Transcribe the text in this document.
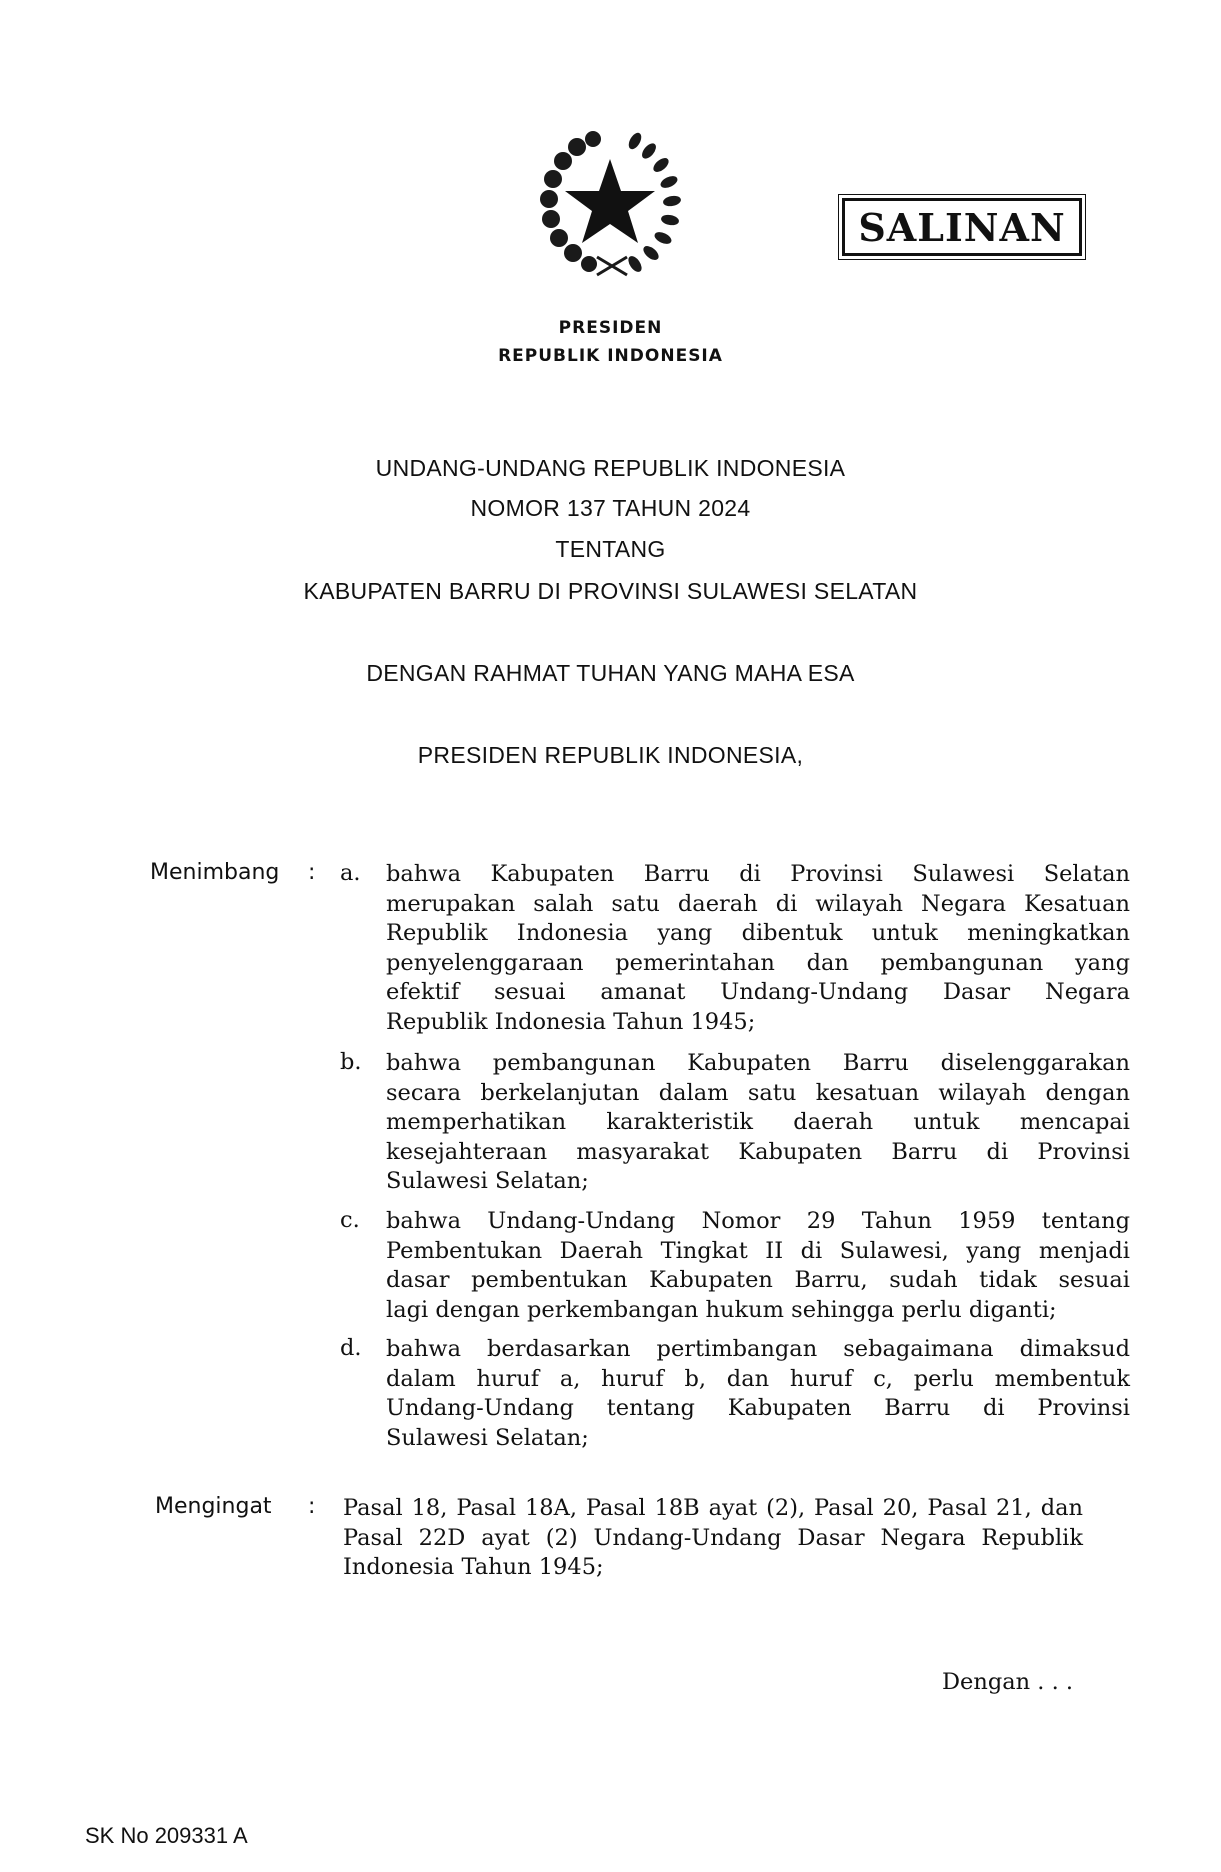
SALINAN
PRESIDEN
REPUBLIK INDONESIA
UNDANG-UNDANG REPUBLIK INDONESIA
NOMOR 137 TAHUN 2024
TENTANG
KABUPATEN BARRU DI PROVINSI SULAWESI SELATAN
DENGAN RAHMAT TUHAN YANG MAHA ESA
PRESIDEN REPUBLIK INDONESIA,
Menimbang : a. bahwa Kabupaten Barru di Provinsi Sulawesi Selatan
merupakan salah satu daerah di wilayah Negara Kesatuan
Republik Indonesia yang dibentuk untuk meningkatkan
penyelenggaraan pemerintahan dan pembangunan yang
efektif sesuai amanat Undang-Undang Dasar Negara
Republik Indonesia Tahun 1945;
b. bahwa pembangunan Kabupaten Barru diselenggarakan
secara berkelanjutan dalam satu kesatuan wilayah dengan
memperhatikan karakteristik daerah untuk mencapai
kesejahteraan masyarakat Kabupaten Barru di Provinsi
Sulawesi Selatan;
c. bahwa Undang-Undang Nomor 29 Tahun 1959 tentang
Pembentukan Daerah Tingkat II di Sulawesi, yang menjadi
dasar pembentukan Kabupaten Barru, sudah tidak sesuai
lagi dengan perkembangan hukum sehingga perlu diganti;
d. bahwa berdasarkan pertimbangan sebagaimana dimaksud
dalam huruf a, huruf b, dan huruf c, perlu membentuk
Undang-Undang tentang Kabupaten Barru di Provinsi
Sulawesi Selatan;
Mengingat : Pasal 18, Pasal 18A, Pasal 18B ayat (2), Pasal 20, Pasal 21, dan
Pasal 22D ayat (2) Undang-Undang Dasar Negara Republik
Indonesia Tahun 1945;
Dengan . . .
SK No 209331 A
